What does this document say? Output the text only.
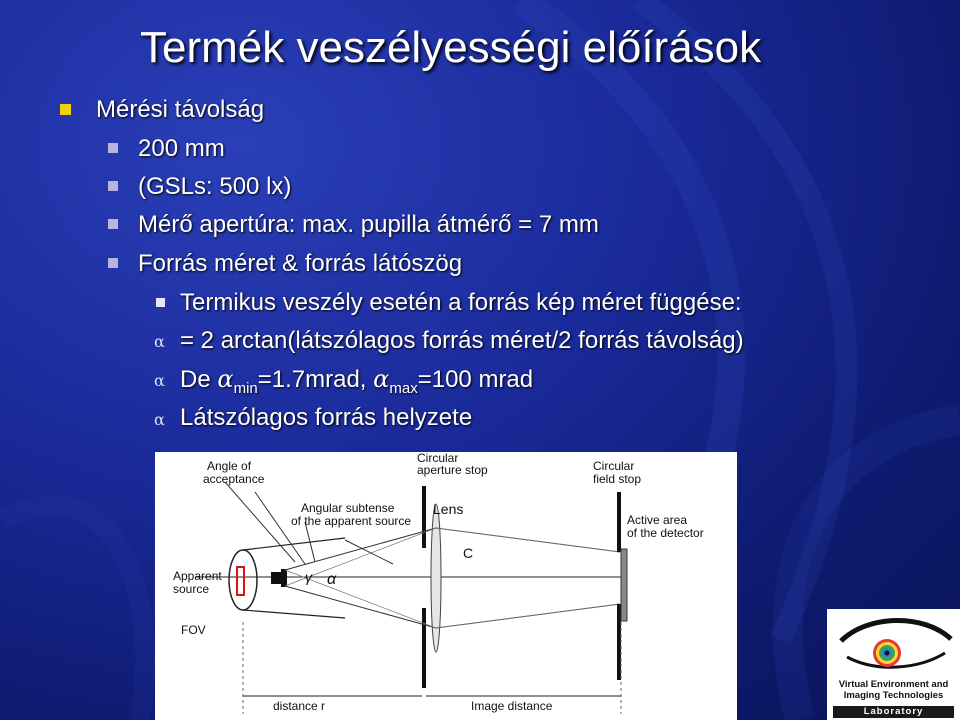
Termék veszélyességi előírások
Mérési távolság
200 mm
(GSLs: 500 lx)
Mérő apertúra: max. pupilla átmérő = 7 mm
Forrás méret & forrás látószög
Termikus veszély esetén a forrás kép méret függése:
α = 2 arctan(látszólagos forrás méret/2 forrás távolság)
α De $\alpha_{min}=1.7mrad$, $\alpha_{max}=100$ mrad
α Látszólagos forrás helyzete
Angle of
acceptance
Circular
aperture stop	Circular
field stop
Angular subtense
of the apparent source
Lens
C
Active area
of the detector
Apparent
source
FOV
γ α
distance r	Image distance
Virtual Environment and
Imaging Technologies
Laboratory
